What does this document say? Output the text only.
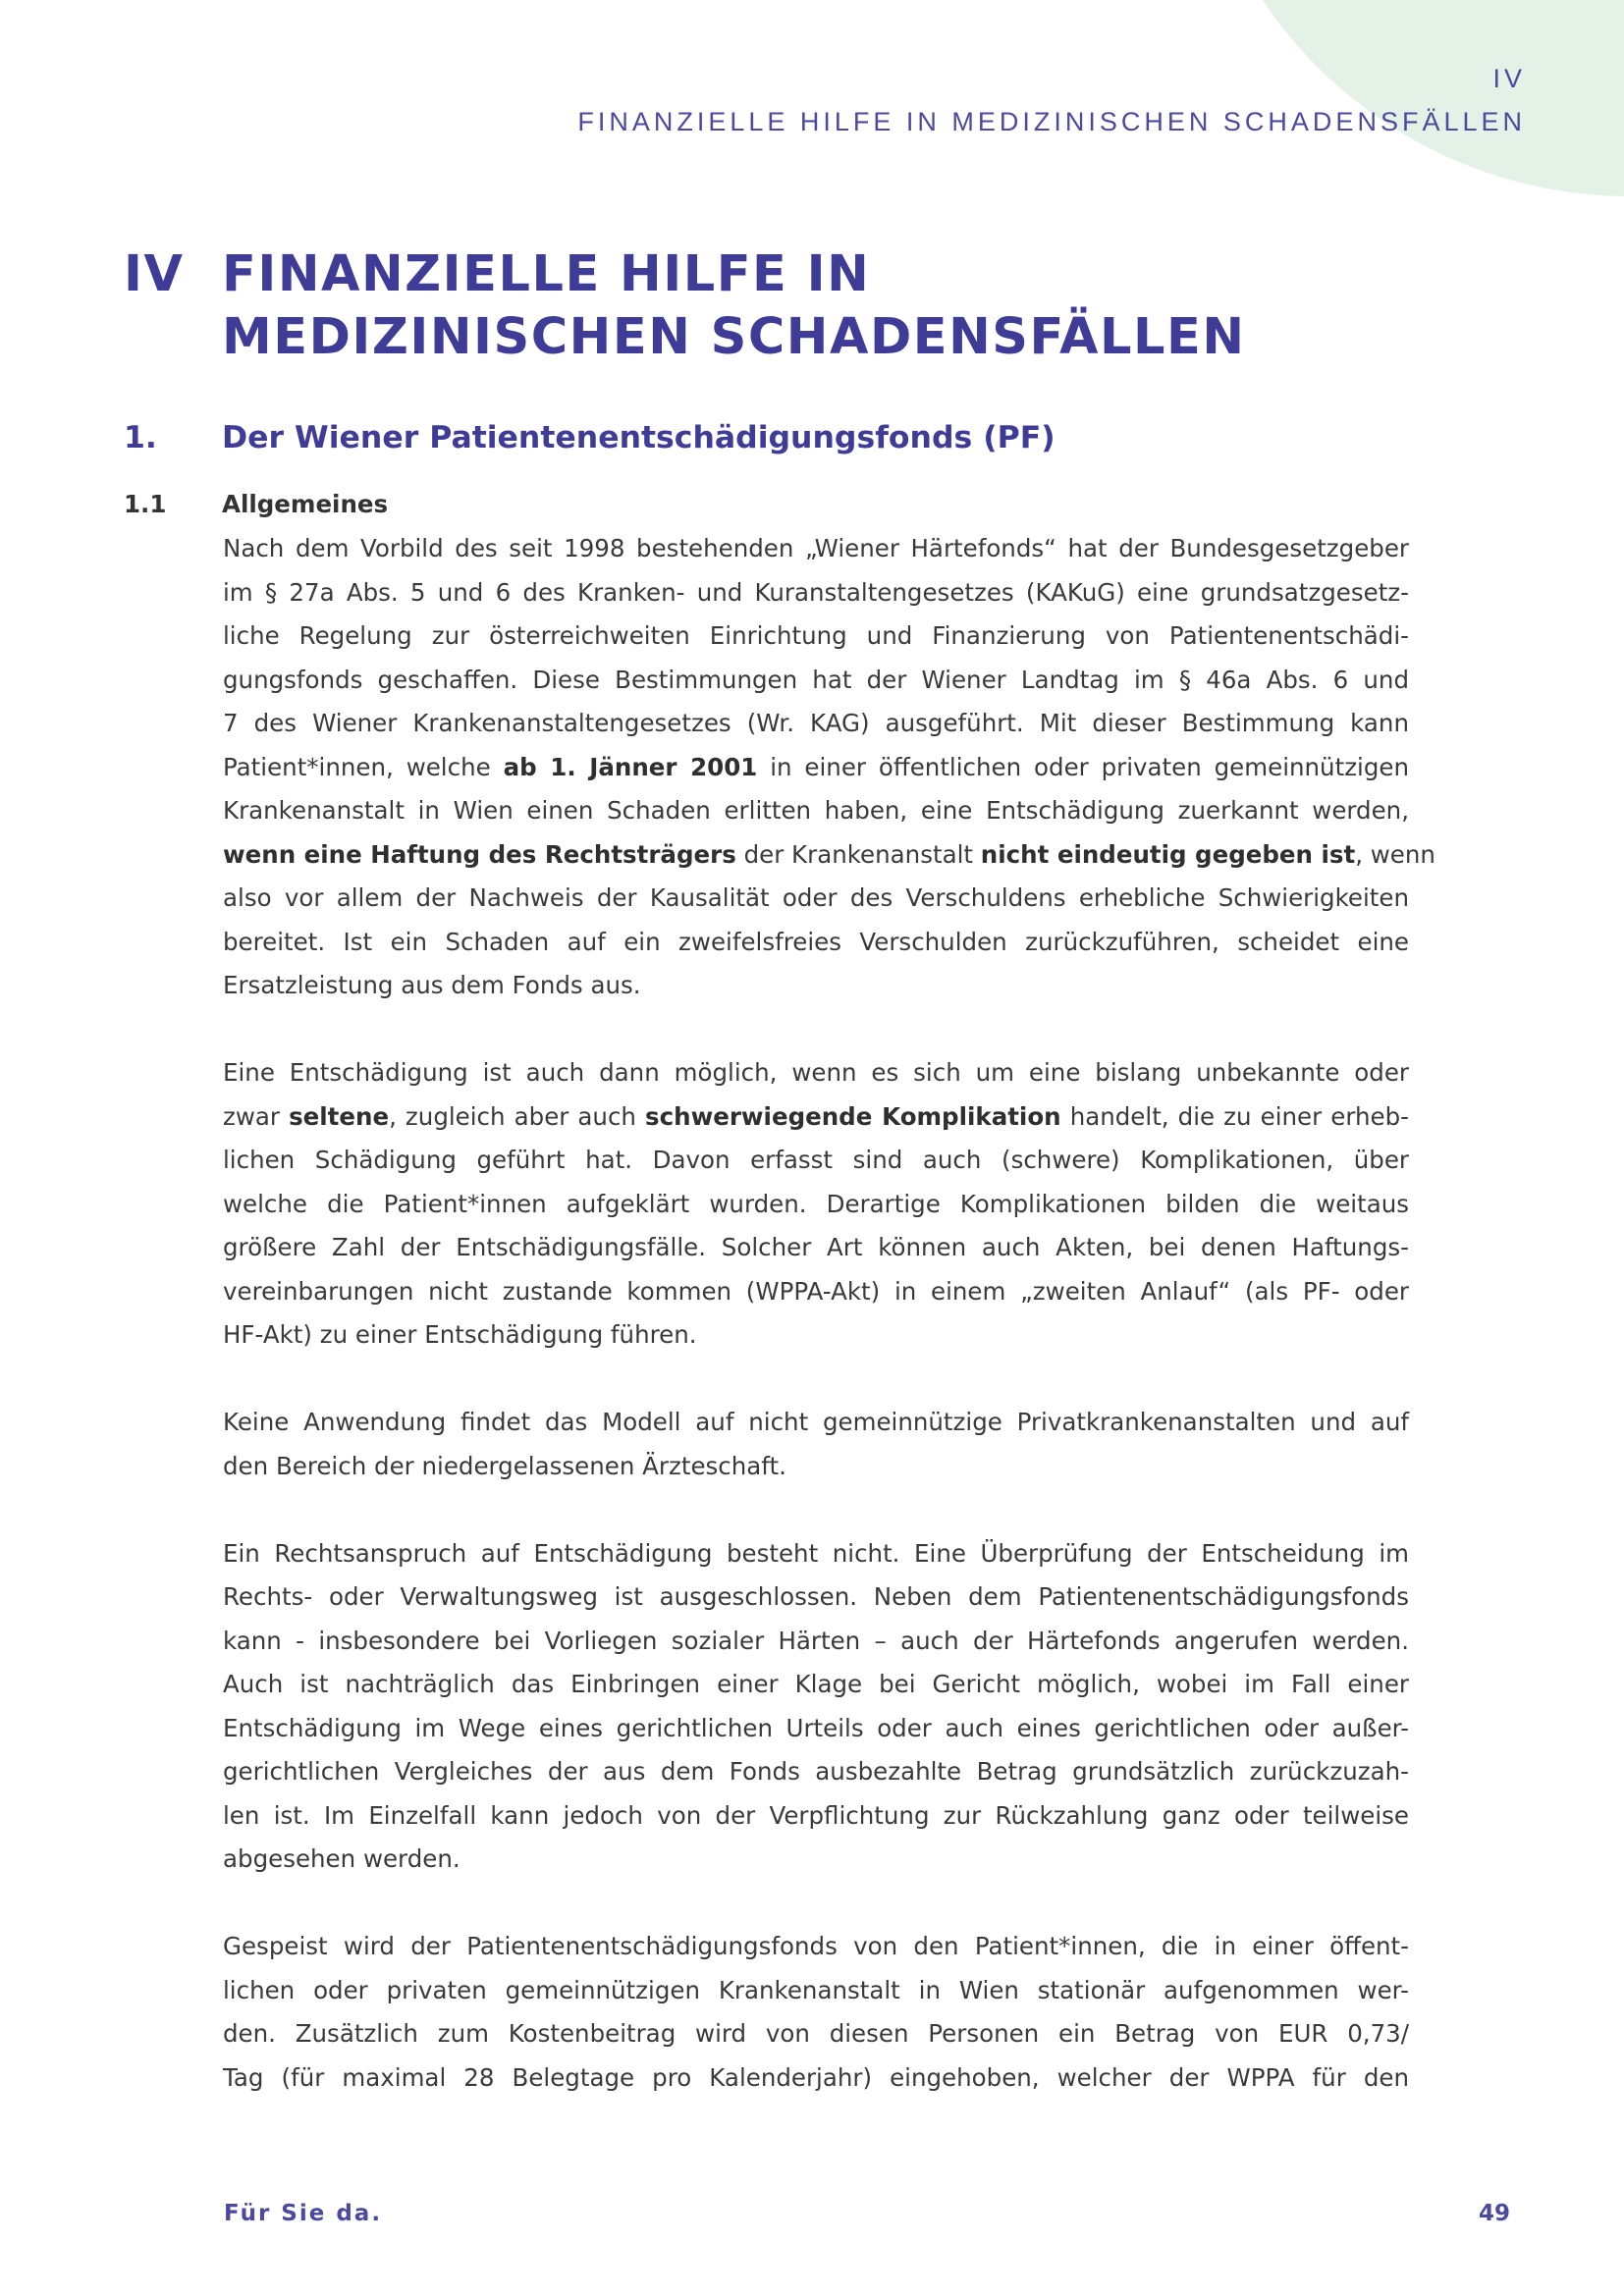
IV
FINANZIELLE HILFE IN MEDIZINISCHEN SCHADENSFÄLLEN
IV FINANZIELLE HILFE IN
MEDIZINISCHEN SCHADENSFÄLLEN
1. Der Wiener Patientenentschädigungsfonds (PF)
1.1 Allgemeines
Nach dem Vorbild des seit 1998 bestehenden „Wiener Härtefonds“ hat der Bundesgesetzgeber
im § 27a Abs. 5 und 6 des Kranken- und Kuranstaltengesetzes (KAKuG) eine grundsatzgesetz-
liche Regelung zur österreichweiten Einrichtung und Finanzierung von Patientenentschädi-
gungsfonds geschaffen. Diese Bestimmungen hat der Wiener Landtag im § 46a Abs. 6 und
7 des Wiener Krankenanstaltengesetzes (Wr. KAG) ausgeführt. Mit dieser Bestimmung kann
Patient*innen, welche ab 1. Jänner 2001 in einer öffentlichen oder privaten gemeinnützigen
Krankenanstalt in Wien einen Schaden erlitten haben, eine Entschädigung zuerkannt werden,
wenn eine Haftung des Rechtsträgers der Krankenanstalt nicht eindeutig gegeben ist, wenn
also vor allem der Nachweis der Kausalität oder des Verschuldens erhebliche Schwierigkeiten
bereitet. Ist ein Schaden auf ein zweifelsfreies Verschulden zurückzuführen, scheidet eine
Ersatzleistung aus dem Fonds aus.
Eine Entschädigung ist auch dann möglich, wenn es sich um eine bislang unbekannte oder
zwar seltene, zugleich aber auch schwerwiegende Komplikation handelt, die zu einer erheb-
lichen Schädigung geführt hat. Davon erfasst sind auch (schwere) Komplikationen, über
welche die Patient*innen aufgeklärt wurden. Derartige Komplikationen bilden die weitaus
größere Zahl der Entschädigungsfälle. Solcher Art können auch Akten, bei denen Haftungs-
vereinbarungen nicht zustande kommen (WPPA-Akt) in einem „zweiten Anlauf“ (als PF- oder
HF-Akt) zu einer Entschädigung führen.
Keine Anwendung findet das Modell auf nicht gemeinnützige Privatkrankenanstalten und auf
den Bereich der niedergelassenen Ärzteschaft.
Ein Rechtsanspruch auf Entschädigung besteht nicht. Eine Überprüfung der Entscheidung im
Rechts- oder Verwaltungsweg ist ausgeschlossen. Neben dem Patientenentschädigungsfonds
kann - insbesondere bei Vorliegen sozialer Härten – auch der Härtefonds angerufen werden.
Auch ist nachträglich das Einbringen einer Klage bei Gericht möglich, wobei im Fall einer
Entschädigung im Wege eines gerichtlichen Urteils oder auch eines gerichtlichen oder außer-
gerichtlichen Vergleiches der aus dem Fonds ausbezahlte Betrag grundsätzlich zurückzuzah-
len ist. Im Einzelfall kann jedoch von der Verpflichtung zur Rückzahlung ganz oder teilweise
abgesehen werden.
Gespeist wird der Patientenentschädigungsfonds von den Patient*innen, die in einer öffent-
lichen oder privaten gemeinnützigen Krankenanstalt in Wien stationär aufgenommen wer-
den. Zusätzlich zum Kostenbeitrag wird von diesen Personen ein Betrag von EUR 0,73/
Tag (für maximal 28 Belegtage pro Kalenderjahr) eingehoben, welcher der WPPA für den
Für Sie da.	49
